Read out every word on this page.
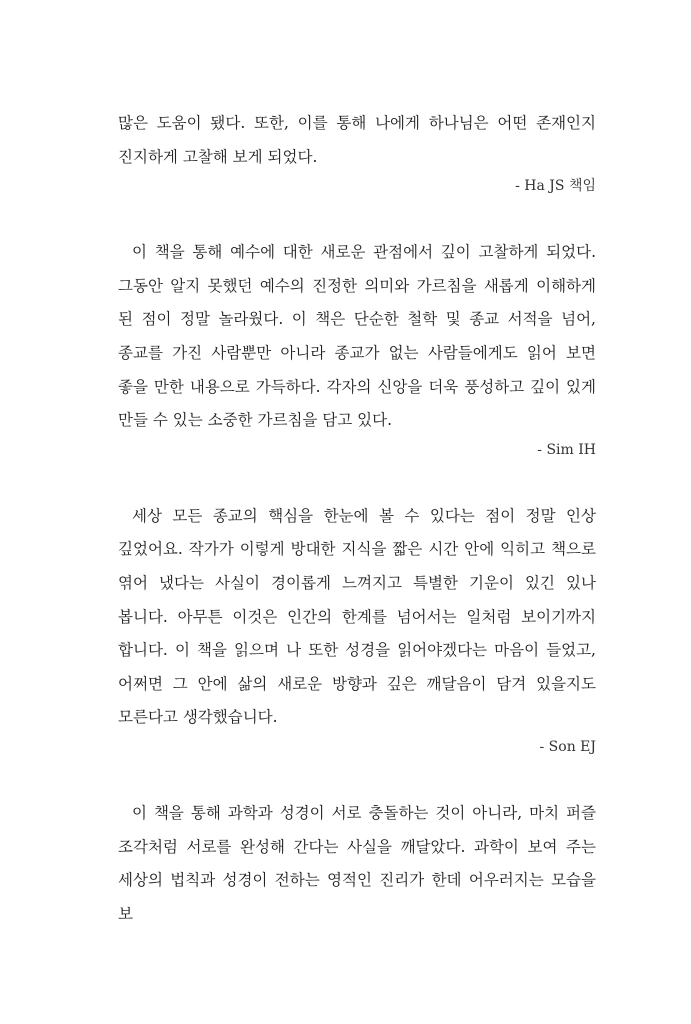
많은 도움이 됐다. 또한, 이를 통해 나에게 하나님은 어떤 존재인지 진지하게 고찰해 보게 되었다.

- Ha JS 책임

이 책을 통해 예수에 대한 새로운 관점에서 깊이 고찰하게 되었다. 그동안 알지 못했던 예수의 진정한 의미와 가르침을 새롭게 이해하게 된 점이 정말 놀라웠다. 이 책은 단순한 철학 및 종교 서적을 넘어, 종교를 가진 사람뿐만 아니라 종교가 없는 사람들에게도 읽어 보면 좋을 만한 내용으로 가득하다. 각자의 신앙을 더욱 풍성하고 깊이 있게 만들 수 있는 소중한 가르침을 담고 있다.

- Sim IH

세상 모든 종교의 핵심을 한눈에 볼 수 있다는 점이 정말 인상 깊었어요. 작가가 이렇게 방대한 지식을 짧은 시간 안에 익히고 책으로 엮어 냈다는 사실이 경이롭게 느껴지고 특별한 기운이 있긴 있나 봅니다. 아무튼 이것은 인간의 한계를 넘어서는 일처럼 보이기까지 합니다. 이 책을 읽으며 나 또한 성경을 읽어야겠다는 마음이 들었고, 어쩌면 그 안에 삶의 새로운 방향과 깊은 깨달음이 담겨 있을지도 모른다고 생각했습니다.

- Son EJ

이 책을 통해 과학과 성경이 서로 충돌하는 것이 아니라, 마치 퍼즐 조각처럼 서로를 완성해 간다는 사실을 깨달았다. 과학이 보여 주는 세상의 법칙과 성경이 전하는 영적인 진리가 한데 어우러지는 모습을 보
